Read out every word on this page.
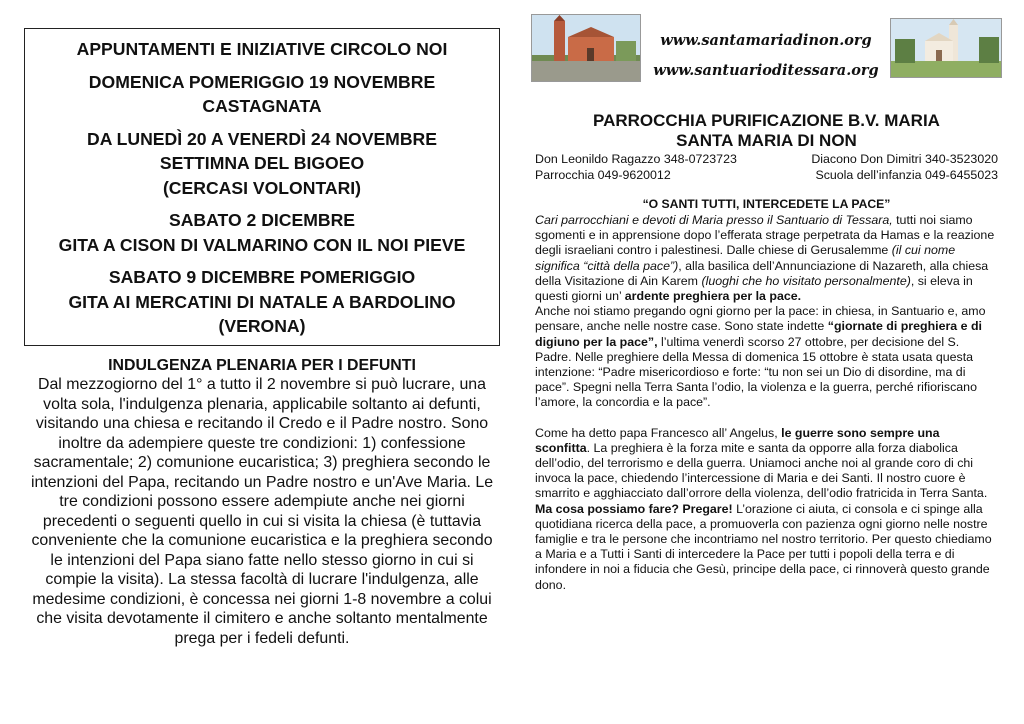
APPUNTAMENTI E INIZIATIVE CIRCOLO NOI

DOMENICA POMERIGGIO 19 NOVEMBRE

CASTAGNATA

DA LUNEDÌ 20 A VENERDÌ 24 NOVEMBRE

SETTIMNA DEL BIGOEO

(CERCASI VOLONTARI)

SABATO 2 DICEMBRE

GITA A CISON DI VALMARINO CON IL NOI PIEVE

SABATO 9 DICEMBRE POMERIGGIO

GITA AI MERCATINI DI NATALE A BARDOLINO

(VERONA)

INDULGENZA PLENARIA PER I DEFUNTI
Dal mezzogiorno del 1° a tutto il 2 novembre si può lucrare, una volta sola, l'indulgenza plenaria, applicabile soltanto ai defunti, visitando una chiesa e recitando il Credo e il Padre nostro. Sono inoltre da adempiere queste tre condizioni: 1) confessione sacramentale; 2) comunione eucaristica; 3) preghiera secondo le intenzioni del Papa, recitando un Padre nostro e un'Ave Maria. Le tre condizioni possono essere adempiute anche nei giorni precedenti o seguenti quello in cui si visita la chiesa (è tuttavia conveniente che la comunione eucaristica e la preghiera secondo le intenzioni del Papa siano fatte nello stesso giorno in cui si compie la visita). La stessa facoltà di lucrare l'indulgenza, alle medesime condizioni, è concessa nei giorni 1-8 novembre a colui che visita devotamente il cimitero e anche soltanto mentalmente prega per i fedeli defunti.
www.santamariadinon.org
www.santuarioditessara.org
PARROCCHIA PURIFICAZIONE B.V. MARIA
SANTA MARIA DI NON
Don Leonildo Ragazzo 348-0723723	Diacono Don Dimitri 340-3523020
Parrocchia 049-9620012	Scuola dell’infanzia 049-6455023
“O SANTI TUTTI, INTERCEDETE LA PACE”

Cari parrocchiani e devoti di Maria presso il Santuario di Tessara, tutti noi siamo sgomenti e in apprensione dopo l’efferata strage perpetrata da Hamas e la reazione degli israeliani contro i palestinesi. Dalle chiese di Gerusalemme (il cui nome significa “città della pace”), alla basilica dell’Annunciazione di Nazareth, alla chiesa della Visitazione di Ain Karem (luoghi che ho visitato personalmente), si eleva in questi giorni un’ ardente preghiera per la pace.

Anche noi stiamo pregando ogni giorno per la pace: in chiesa, in Santuario e, amo pensare, anche nelle nostre case. Sono state indette “giornate di preghiera e di digiuno per la pace”, l’ultima venerdì scorso 27 ottobre, per decisione del S. Padre. Nelle preghiere della Messa di domenica 15 ottobre è stata usata questa intenzione: “Padre misericordioso e forte: “tu non sei un Dio di disordine, ma di pace”. Spegni nella Terra Santa l’odio, la violenza e la guerra, perché rifioriscano l’amore, la concordia e la pace”.

Come ha detto papa Francesco all’ Angelus, le guerre sono sempre una sconfitta. La preghiera è la forza mite e santa da opporre alla forza diabolica dell’odio, del terrorismo e della guerra. Uniamoci anche noi al grande coro di chi invoca la pace, chiedendo l’intercessione di Maria e dei Santi. Il nostro cuore è smarrito e agghiacciato dall’orrore della violenza, dell’odio fratricida in Terra Santa.

Ma cosa possiamo fare? Pregare! L’orazione ci aiuta, ci consola e ci spinge alla quotidiana ricerca della pace, a promuoverla con pazienza ogni giorno nelle nostre famiglie e tra le persone che incontriamo nel nostro territorio. Per questo chiediamo a Maria e a Tutti i Santi di intercedere la Pace per tutti i popoli della terra e di infondere in noi a fiducia che Gesù, principe della pace, ci rinnoverà questo grande dono.
